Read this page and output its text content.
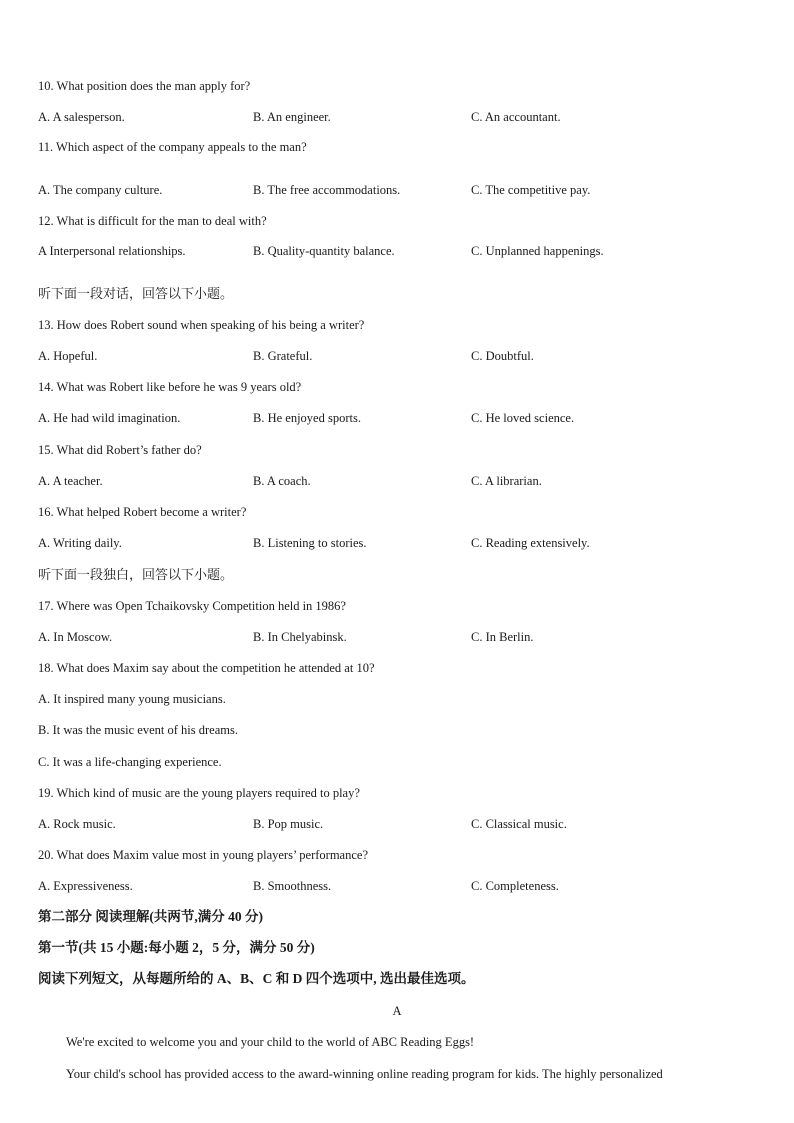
10. What position does the man apply for?
A. A salesperson.	B. An engineer.	C. An accountant.
11. Which aspect of the company appeals to the man?
A. The company culture.	B. The free accommodations.	C. The competitive pay.
12. What is difficult for the man to deal with?
A Interpersonal relationships.	B. Quality-quantity balance.	C. Unplanned happenings.
听下面一段对话，回答以下小题。
13. How does Robert sound when speaking of his being a writer?
A. Hopeful.	B. Grateful.	C. Doubtful.
14. What was Robert like before he was 9 years old?
A. He had wild imagination.	B. He enjoyed sports.	C. He loved science.
15. What did Robert’s father do?
A. A teacher.	B. A coach.	C. A librarian.
16. What helped Robert become a writer?
A. Writing daily.	B. Listening to stories.	C. Reading extensively.
听下面一段独白，回答以下小题。
17. Where was Open Tchaikovsky Competition held in 1986?
A. In Moscow.	B. In Chelyabinsk.	C. In Berlin.
18. What does Maxim say about the competition he attended at 10?
A. It inspired many young musicians.
B. It was the music event of his dreams.
C. It was a life-changing experience.
19. Which kind of music are the young players required to play?
A. Rock music.	B. Pop music.	C. Classical music.
20. What does Maxim value most in young players’ performance?
A. Expressiveness.	B. Smoothness.	C. Completeness.
第二部分 阅读理解(共两节,满分 40 分)
第一节(共 15 小题:每小题 2，5 分，满分 50 分)
阅读下列短文，从每题所给的 A、B、C 和 D 四个选项中, 选出最佳选项。
A
We're excited to welcome you and your child to the world of ABC Reading Eggs!
Your child's school has provided access to the award-winning online reading program for kids. The highly personalized
